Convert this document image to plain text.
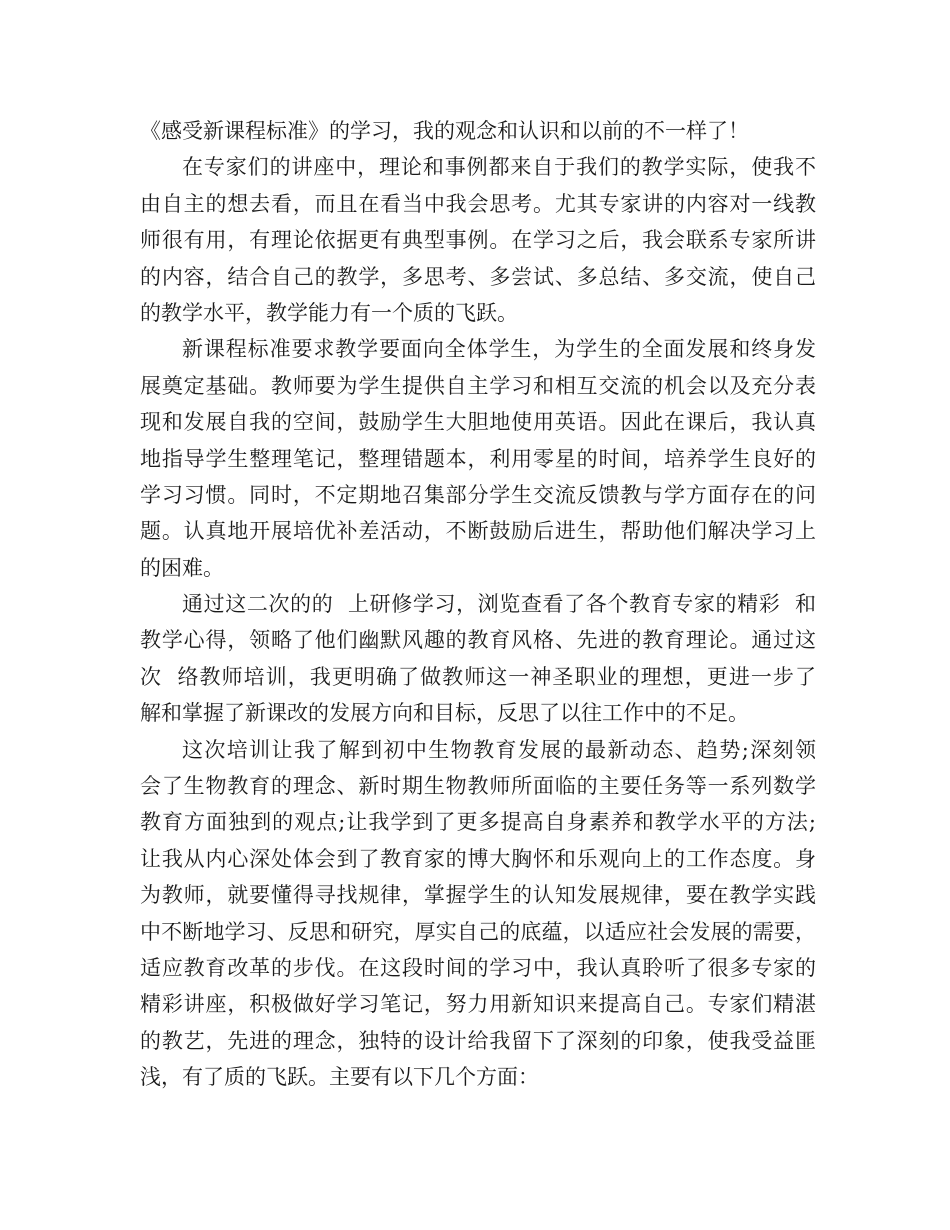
《感受新课程标准》的学习，我的观念和认识和以前的不一样了！
在专家们的讲座中，理论和事例都来自于我们的教学实际，使我不
由自主的想去看，而且在看当中我会思考。尤其专家讲的内容对一线教
师很有用，有理论依据更有典型事例。在学习之后，我会联系专家所讲
的内容，结合自己的教学，多思考、多尝试、多总结、多交流，使自己
的教学水平，教学能力有一个质的飞跃。
新课程标准要求教学要面向全体学生，为学生的全面发展和终身发
展奠定基础。教师要为学生提供自主学习和相互交流的机会以及充分表
现和发展自我的空间，鼓励学生大胆地使用英语。因此在课后，我认真
地指导学生整理笔记，整理错题本，利用零星的时间，培养学生良好的
学习习惯。同时，不定期地召集部分学生交流反馈教与学方面存在的问
题。认真地开展培优补差活动，不断鼓励后进生，帮助他们解决学习上
的困难。
通过这二次的的  上研修学习，浏览查看了各个教育专家的精彩  和
教学心得，领略了他们幽默风趣的教育风格、先进的教育理论。通过这
次  络教师培训，我更明确了做教师这一神圣职业的理想，更进一步了
解和掌握了新课改的发展方向和目标，反思了以往工作中的不足。
这次培训让我了解到初中生物教育发展的最新动态、趋势;深刻领
会了生物教育的理念、新时期生物教师所面临的主要任务等一系列数学
教育方面独到的观点;让我学到了更多提高自身素养和教学水平的方法;
让我从内心深处体会到了教育家的博大胸怀和乐观向上的工作态度。身
为教师，就要懂得寻找规律，掌握学生的认知发展规律，要在教学实践
中不断地学习、反思和研究，厚实自己的底蕴，以适应社会发展的需要，
适应教育改革的步伐。在这段时间的学习中，我认真聆听了很多专家的
精彩讲座，积极做好学习笔记，努力用新知识来提高自己。专家们精湛
的教艺，先进的理念，独特的设计给我留下了深刻的印象，使我受益匪
浅，有了质的飞跃。主要有以下几个方面：
